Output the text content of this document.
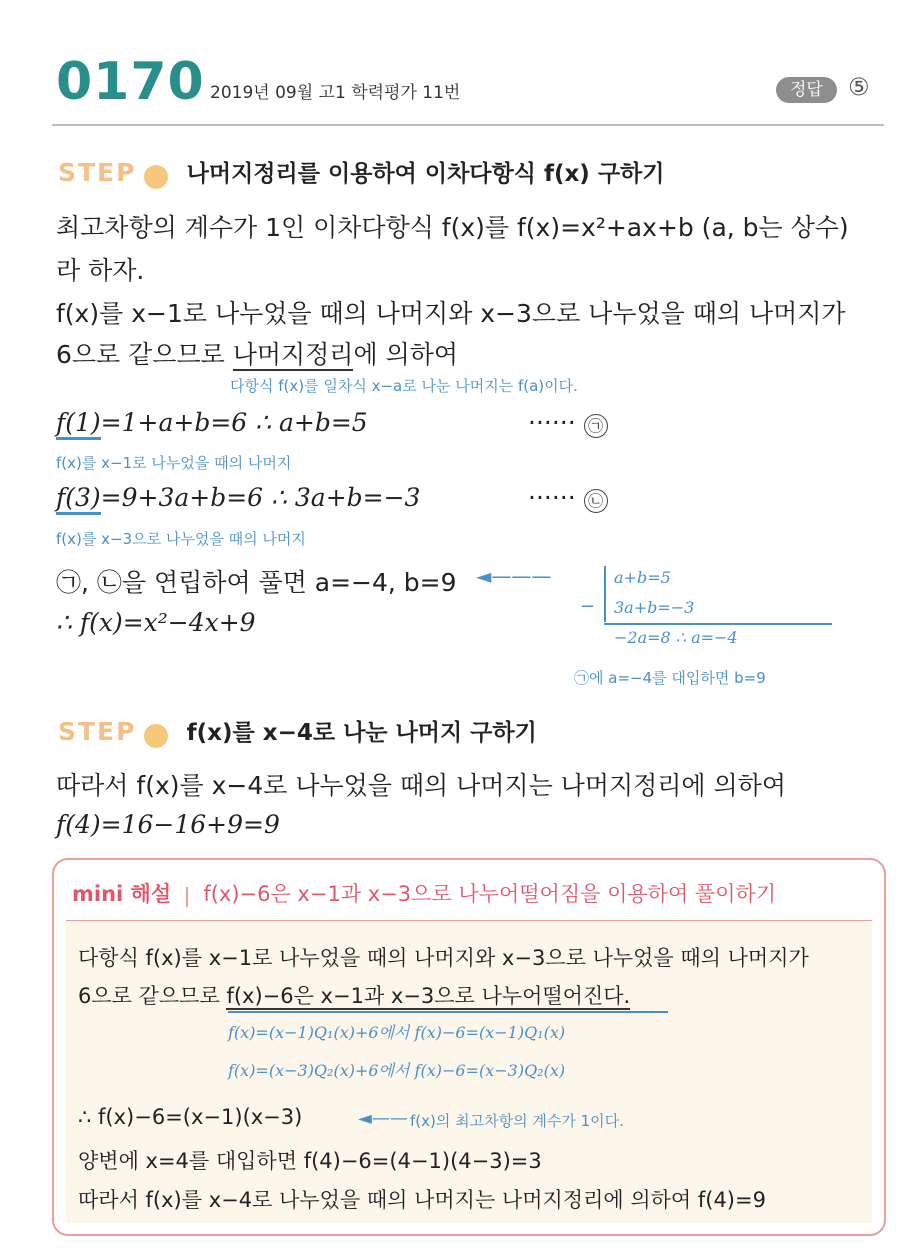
0170 2019년 09월 고1 학력평가 11번	정답 ⑤
STEP 나머지정리를 이용하여 이차다항식 f(x) 구하기
최고차항의 계수가 1인 이차다항식 f(x)를 f(x)=x²+ax+b (a, b는 상수)
라 하자.
f(x)를 x−1로 나누었을 때의 나머지와 x−3으로 나누었을 때의 나머지가
6으로 같으므로 나머지정리에 의하여
다항식 f(x)를 일차식 x−a로 나눈 나머지는 f(a)이다.
f(1)=1+a+b=6 ∴ a+b=5	······ ㉠
f(x)를 x−1로 나누었을 때의 나머지
f(3)=9+3a+b=6 ∴ 3a+b=−3	······ ㉡
f(x)를 x−3으로 나누었을 때의 나머지
㉠, ㉡을 연립하여 풀면 a=−4, b=9 ◄———
∴ f(x)=x²−4x+9
a+b=5
− 3a+b=−3
−2a=8 ∴ a=−4
㉠에 a=−4를 대입하면 b=9
STEP f(x)를 x−4로 나눈 나머지 구하기
따라서 f(x)를 x−4로 나누었을 때의 나머지는 나머지정리에 의하여
f(4)=16−16+9=9
mini 해설 f(x)−6은 x−1과 x−3으로 나누어떨어짐을 이용하여 풀이하기
다항식 f(x)를 x−1로 나누었을 때의 나머지와 x−3으로 나누었을 때의 나머지가
6으로 같으므로 f(x)−6은 x−1과 x−3으로 나누어떨어진다.
f(x)=(x−1)Q₁(x)+6에서 f(x)−6=(x−1)Q₁(x)
f(x)=(x−3)Q₂(x)+6에서 f(x)−6=(x−3)Q₂(x)
∴ f(x)−6=(x−1)(x−3)	◄—— f(x)의 최고차항의 계수가 1이다.
양변에 x=4를 대입하면 f(4)−6=(4−1)(4−3)=3
따라서 f(x)를 x−4로 나누었을 때의 나머지는 나머지정리에 의하여 f(4)=9
